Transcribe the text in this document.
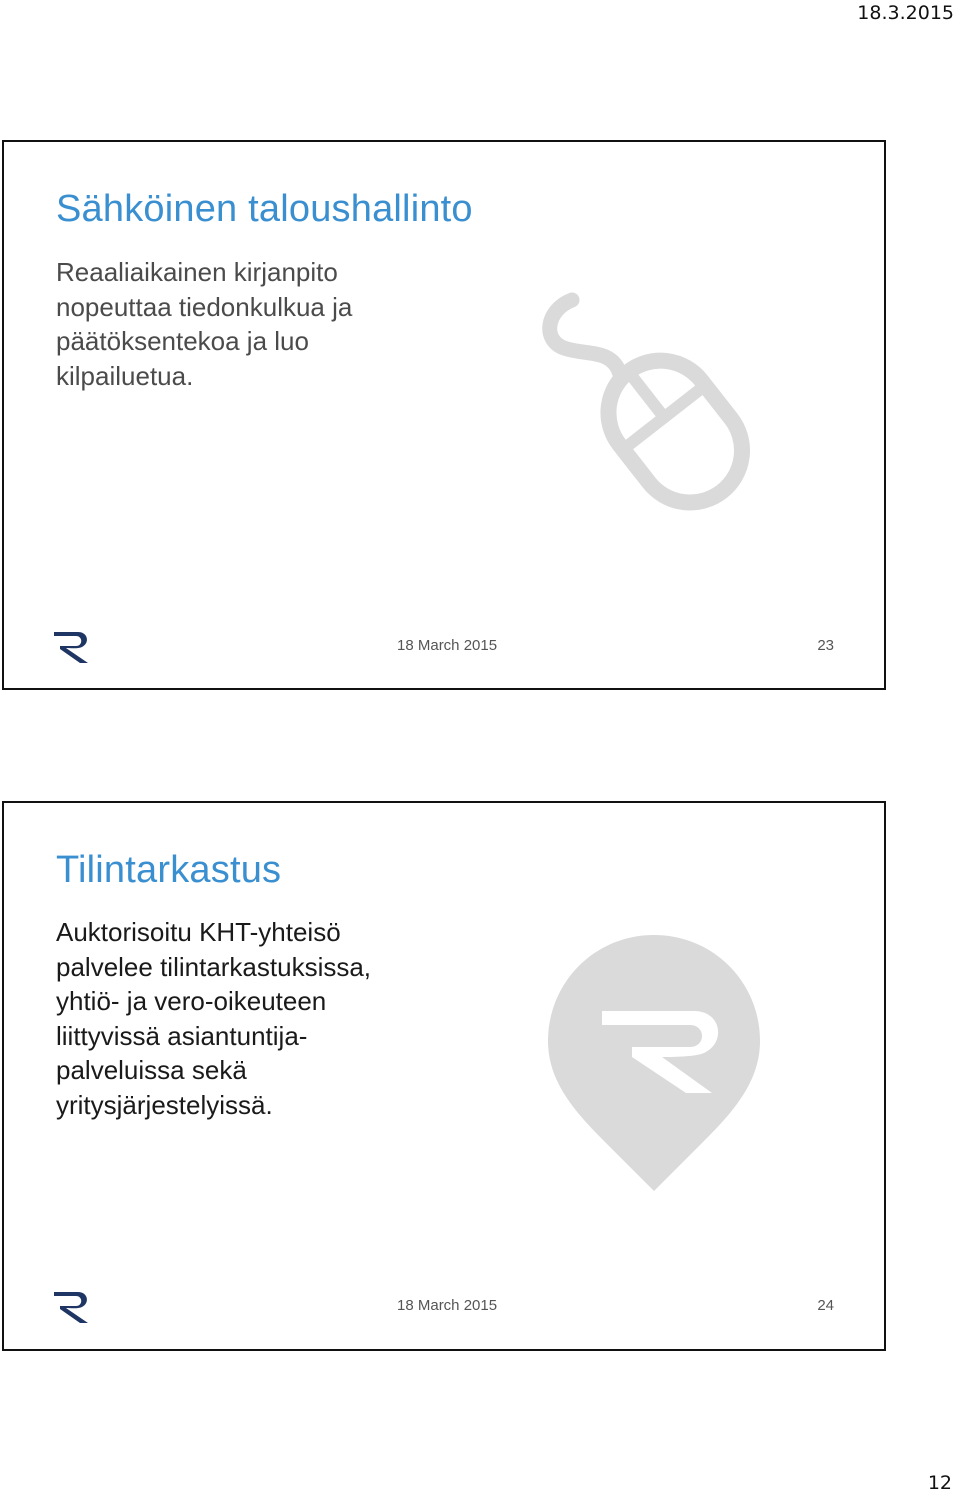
18.3.2015
Sähköinen taloushallinto

Reaaliaikainen kirjanpito
nopeuttaa tiedonkulkua ja
päätöksentekoa ja luo
kilpailuetua.

18 March 2015	23
Tilintarkastus

Auktorisoitu KHT-yhteisö
palvelee tilintarkastuksissa,
yhtiö- ja vero-oikeuteen
liittyvissä asiantuntija-
palveluissa sekä
yritysjärjestelyissä.

18 March 2015	24
12
